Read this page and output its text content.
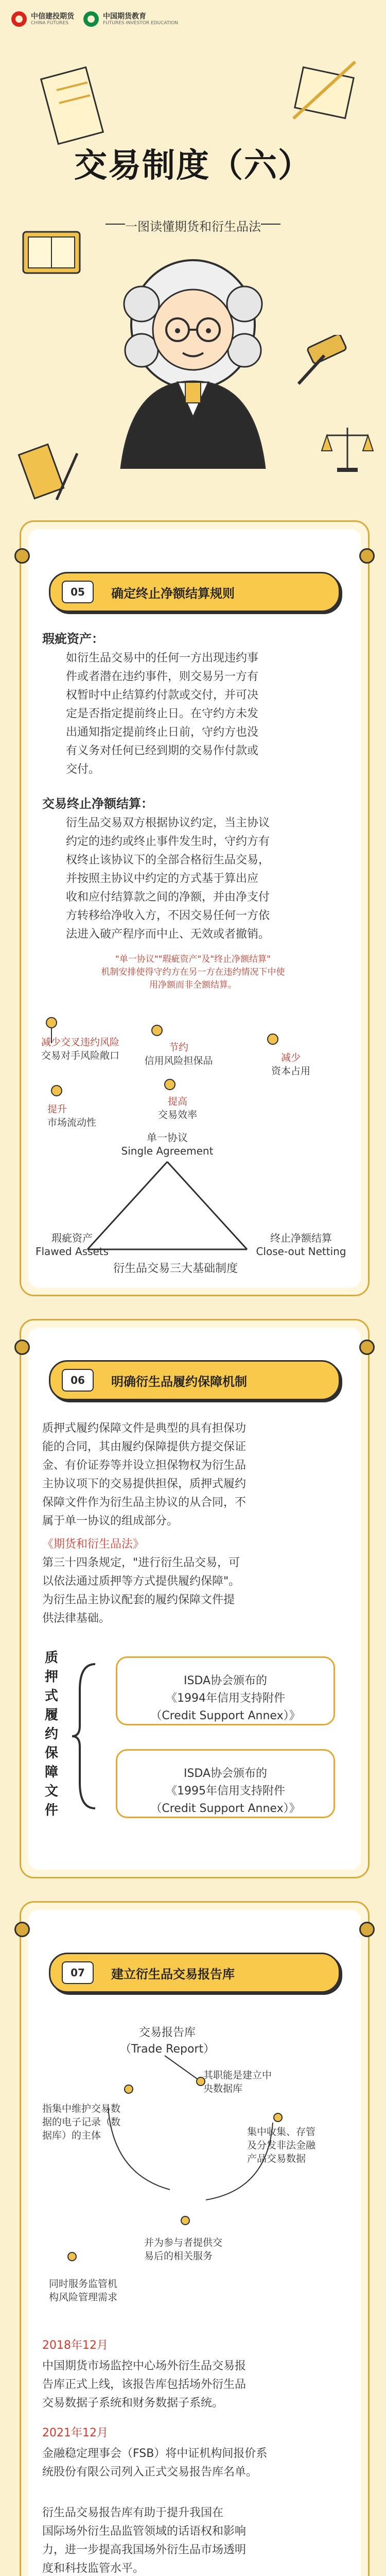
中信建投期货
CHINA FUTURES
中国期货教育
FUTURES INVESTOR EDUCATION
交易制度（六）
一图读懂期货和衍生品法
05	确定终止净额结算规则
瑕疵资产：
如衍生品交易中的任何一方出现违约事
件或者潜在违约事件，则交易另一方有
权暂时中止结算约付款或交付，并可决
定是否指定提前终止日。在守约方未发
出通知指定提前终止日前，守约方也没
有义务对任何已经到期的交易作付款或
交付。
交易终止净额结算：
衍生品交易双方根据协议约定，当主协议
约定的违约或终止事件发生时，守约方有
权终止该协议下的全部合格衍生品交易，
并按照主协议中约定的方式基于算出应
收和应付结算款之间的净额，并由净支付
方转移给净收入方，不因交易任何一方依
法进入破产程序而中止、无效或者撤销。
"单一协议""瑕疵资产"及"终止净额结算"
机制安排使得守约方在另一方在违约情况下中使
用净额而非全额结算。
减少交叉违约风险
交易对手风险敞口
节约
信用风险担保品	减少
资本占用
提高
交易效率
提升
市场流动性
单一协议
Single Agreement
瑕疵资产
Flawed Assets
终止净额结算
Close-out Netting
衍生品交易三大基础制度
06	明确衍生品履约保障机制
质押式履约保障文件是典型的具有担保功
能的合同，其由履约保障提供方提交保证
金、有价证券等并设立担保物权为衍生品
主协议项下的交易提供担保，质押式履约
保障文件作为衍生品主协议的从合同，不
属于单一协议的组成部分。
《期货和衍生品法》
第三十四条规定，"进行衍生品交易，可
以依法通过质押等方式提供履约保障"。
为衍生品主协议配套的履约保障文件提
供法律基础。
质
押
式
履
约
保
障
文
件
ISDA协会颁布的
《1994年信用支持附件
（Credit Support Annex）》
ISDA协会颁布的
《1995年信用支持附件
（Credit Support Annex）》
07	建立衍生品交易报告库
交易报告库
（Trade Report）
其职能是建立中
央数据库
指集中维护交易数
据的电子记录（数
据库）的主体	集中收集、存管
及分发非法金融
产品交易数据
并为参与者提供交
易后的相关服务
同时服务监管机
构风险管理需求
2018年12月
中国期货市场监控中心场外衍生品交易报
告库正式上线，该报告库包括场外衍生品
交易数据子系统和财务数据子系统。
2021年12月
金融稳定理事会（FSB）将中证机构间报价系
统股份有限公司列入正式交易报告库名单。
衍生品交易报告库有助于提升我国在
国际场外衍生品监管领域的话语权和影响
力，进一步提高我国场外衍生品市场透明
度和科技监管水平。
